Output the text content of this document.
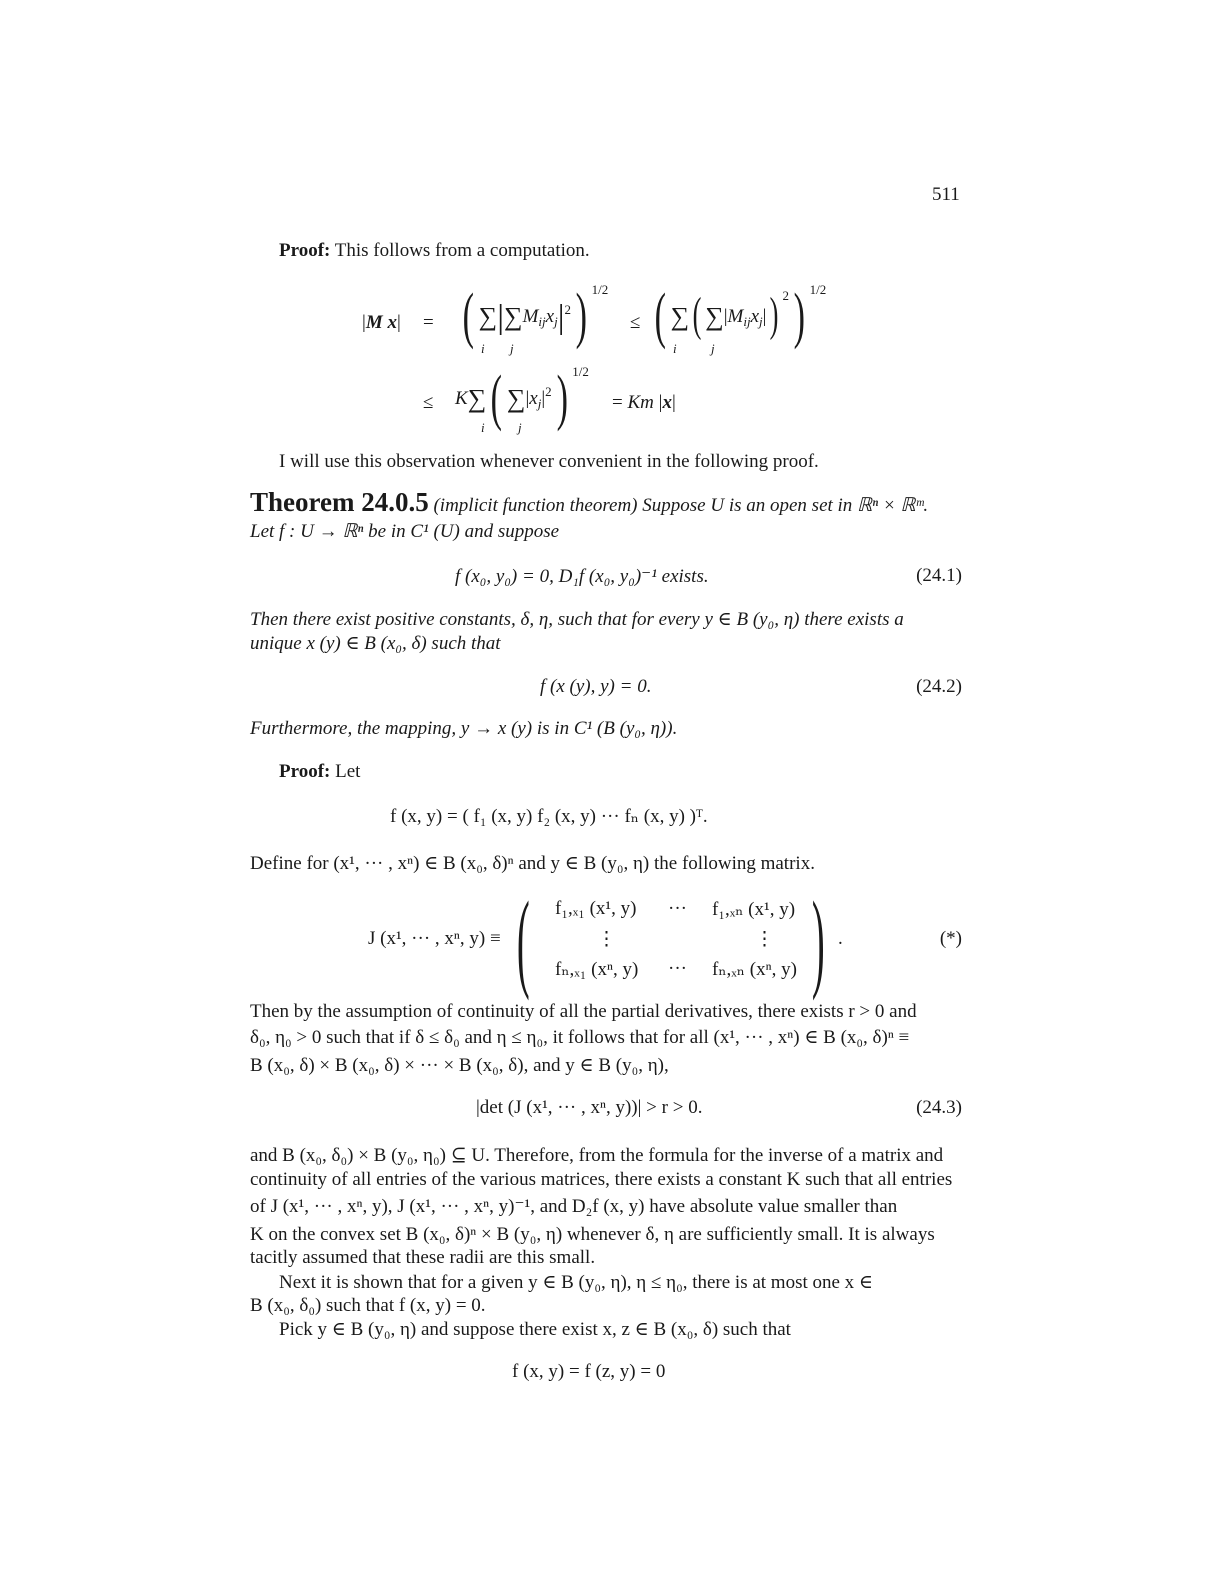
511
Proof: This follows from a computation.
|M x| = ( $\sum|\sum M_{ij}x_j|^2$) $^{1/2}$
i j
≤ ( ∑( $\sum|M_{ij}x_j|$) $^2$) $^{1/2}$
i	j
≤ K∑( $\sum|x_j|^2$) $^{1/2}$
i	j
= Km |x|
I will use this observation whenever convenient in the following proof.
Theorem 24.0.5 (implicit function theorem) Suppose U is an open set in ℝⁿ × ℝᵐ.
Let f : U → ℝⁿ be in C¹ (U) and suppose
f (x₀, y₀) = 0, D₁f (x₀, y₀)⁻¹ exists.	(24.1)
Then there exist positive constants, δ, η, such that for every y ∈ B (y₀, η) there exists a
unique x (y) ∈ B (x₀, δ) such that
f (x (y), y) = 0.	(24.2)
Furthermore, the mapping, y → x (y) is in C¹ (B (y₀, η)).
Proof: Let
f (x, y) = ( f₁ (x, y) f₂ (x, y) ··· fₙ (x, y) )ᵀ.
Define for (x¹, ··· , xⁿ) ∈ B (x₀, δ)ⁿ and y ∈ B (y₀, η) the following matrix.
J (x¹, ··· , xⁿ, y) ≡ (	)
f₁,ₓ₁ (x¹, y) ··· f₁,ₓₙ (x¹, y)
⋮	⋮
fₙ,ₓ₁ (xⁿ, y) ··· fₙ,ₓₙ (xⁿ, y)
.	(*)
Then by the assumption of continuity of all the partial derivatives, there exists r > 0 and
δ₀, η₀ > 0 such that if δ ≤ δ₀ and η ≤ η₀, it follows that for all (x¹, ··· , xⁿ) ∈ B (x₀, δ)ⁿ ≡
B (x₀, δ) × B (x₀, δ) × ··· × B (x₀, δ), and y ∈ B (y₀, η),
|det (J (x¹, ··· , xⁿ, y))| > r > 0.	(24.3)
and B (x₀, δ₀) × B (y₀, η₀) ⊆ U. Therefore, from the formula for the inverse of a matrix and
continuity of all entries of the various matrices, there exists a constant K such that all entries
of J (x¹, ··· , xⁿ, y), J (x¹, ··· , xⁿ, y)⁻¹, and D₂f (x, y) have absolute value smaller than
K on the convex set B (x₀, δ)ⁿ × B (y₀, η) whenever δ, η are sufficiently small. It is always
tacitly assumed that these radii are this small.
Next it is shown that for a given y ∈ B (y₀, η), η ≤ η₀, there is at most one x ∈
B (x₀, δ₀) such that f (x, y) = 0.
Pick y ∈ B (y₀, η) and suppose there exist x, z ∈ B (x₀, δ) such that
f (x, y) = f (z, y) = 0
